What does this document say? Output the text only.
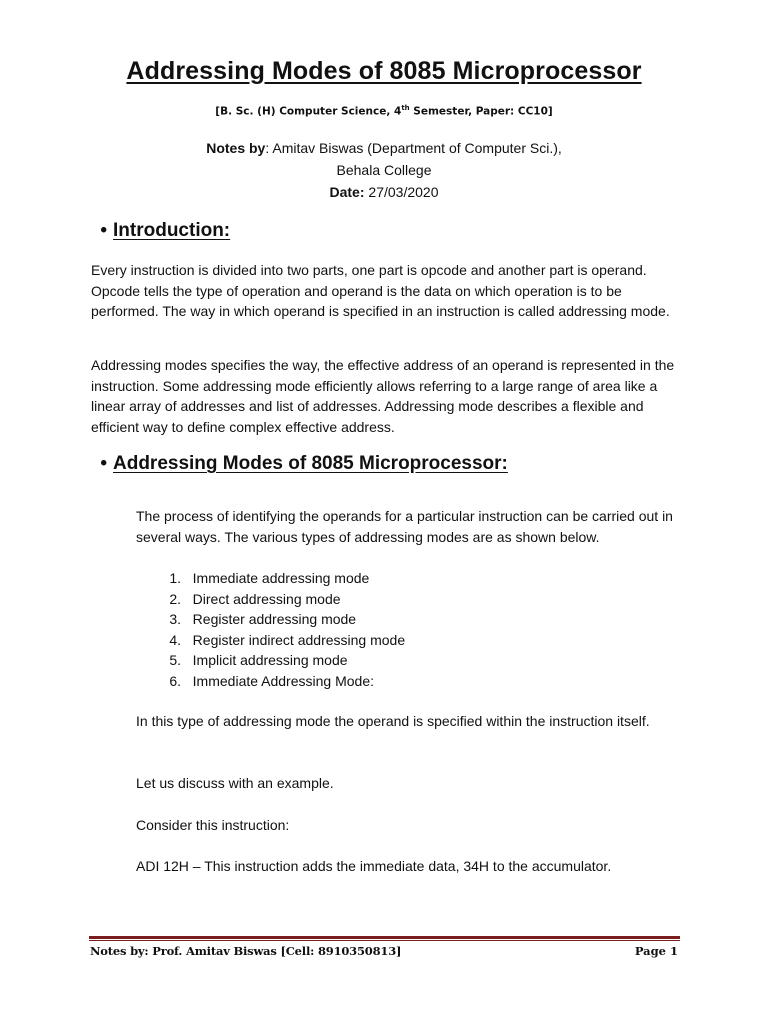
Addressing Modes of 8085 Microprocessor
[B. Sc. (H) Computer Science, 4th Semester, Paper: CC10]
Notes by: Amitav Biswas (Department of Computer Sci.),
Behala College
Date: 27/03/2020
• Introduction:
Every instruction is divided into two parts, one part is opcode and another part is operand. Opcode tells the type of operation and operand is the data on which operation is to be performed. The way in which operand is specified in an instruction is called addressing mode.
Addressing modes specifies the way, the effective address of an operand is represented in the instruction. Some addressing mode efficiently allows referring to a large range of area like a linear array of addresses and list of addresses. Addressing mode describes a flexible and efficient way to define complex effective address.
• Addressing Modes of 8085 Microprocessor:
The process of identifying the operands for a particular instruction can be carried out in several ways. The various types of addressing modes are as shown below.
1.
Immediate addressing mode
2.
Direct addressing mode
3.
Register addressing mode
4.
Register indirect addressing mode
5.
Implicit addressing mode
6.
Immediate Addressing Mode:
In this type of addressing mode the operand is specified within the instruction itself.
Let us discuss with an example.
Consider this instruction:
ADI 12H – This instruction adds the immediate data, 34H to the accumulator.
Notes by: Prof. Amitav Biswas [Cell: 8910350813]	Page 1
